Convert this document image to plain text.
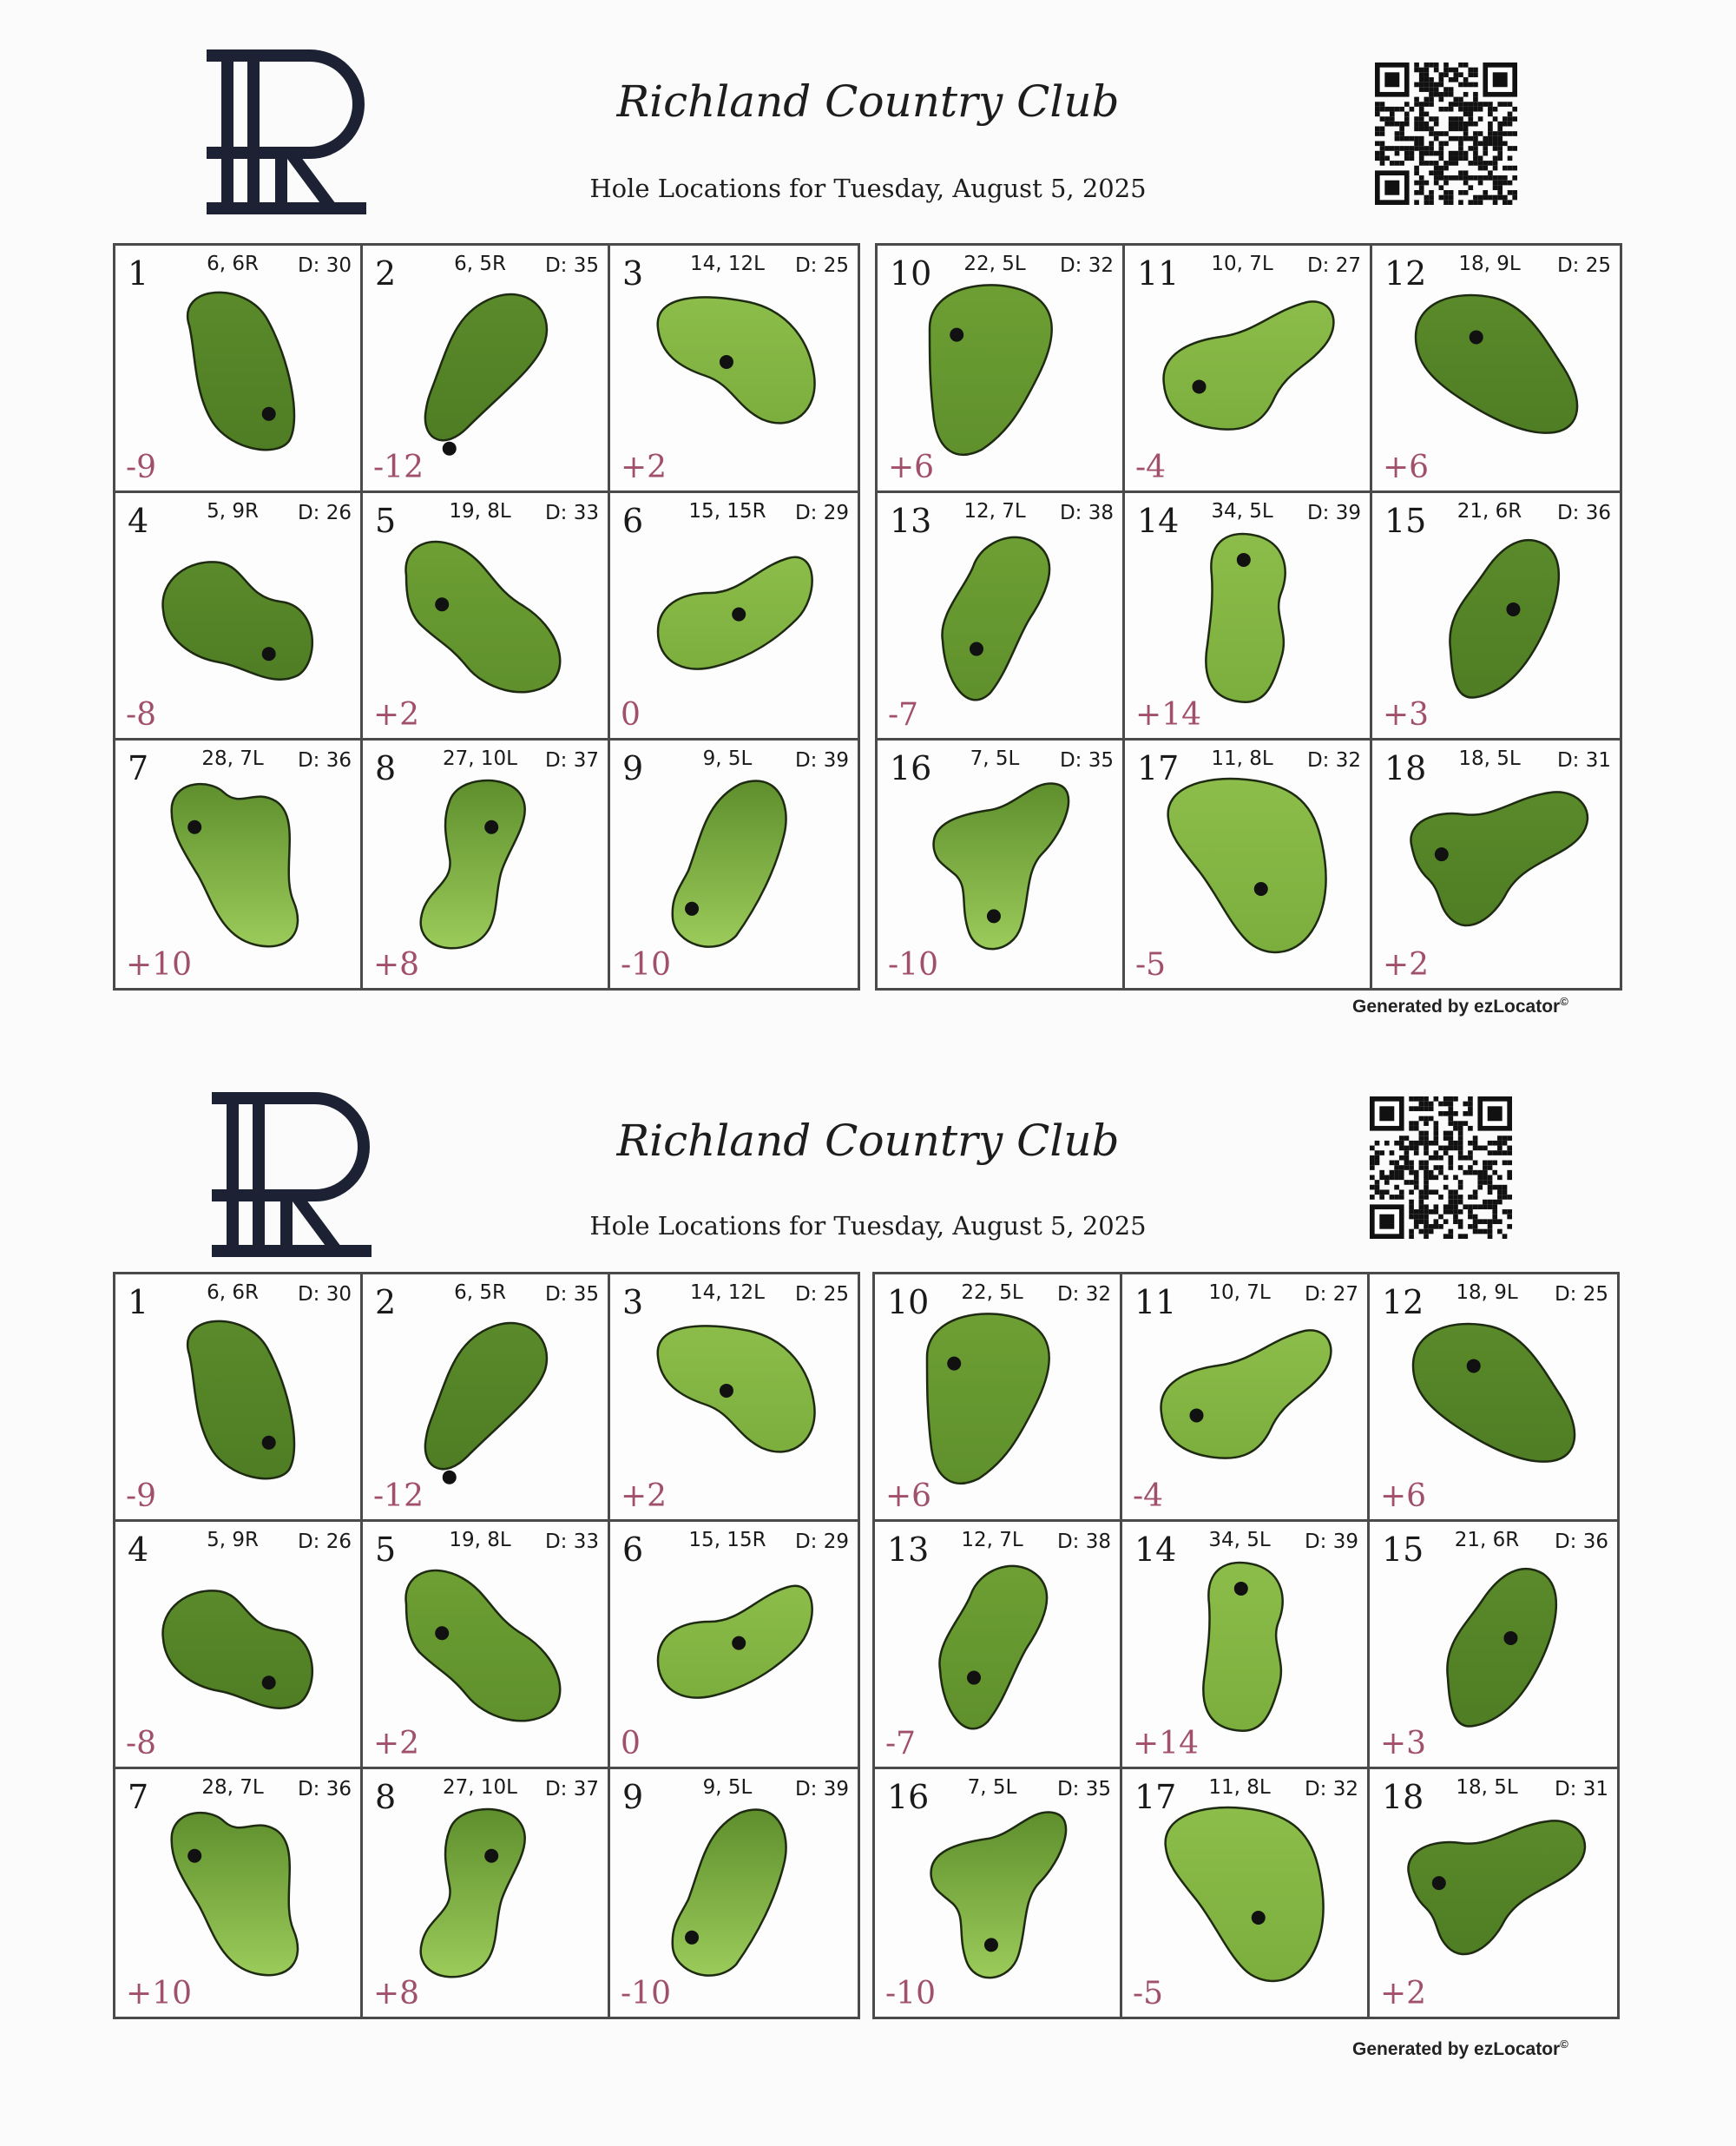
Richland Country Club
Hole Locations for Tuesday, August 5, 2025
1	6, 6R	D: 30
-9
2	6, 5R	D: 35
-12
3	14, 12L	D: 25
+2
4	5, 9R	D: 26
-8
5	19, 8L	D: 33
+2
6 15, 15R D: 29
0
7	28, 7L	D: 36
+10
8	27, 10L	D: 37
+8
9	9, 5L	D: 39
-10
10	22, 5L	D: 32
+6
11	10, 7L	D: 27
-4
12	18, 9L	D: 25
+6
13	12, 7L	D: 38
-7
14	34, 5L	D: 39
+14
15	21, 6R	D: 36
+3
16	7, 5L	D: 35
-10
17	11, 8L	D: 32
-5
18	18, 5L	D: 31
+2
Generated by ezLocator©
Richland Country Club
Hole Locations for Tuesday, August 5, 2025
1	6, 6R	D: 30
-9
2	6, 5R	D: 35
-12
3	14, 12L	D: 25
+2
4	5, 9R	D: 26
-8
5	19, 8L	D: 33
+2
6 15, 15R D: 29
0
7	28, 7L	D: 36
+10
8	27, 10L	D: 37
+8
9	9, 5L	D: 39
-10
10	22, 5L	D: 32
+6
11	10, 7L	D: 27
-4
12	18, 9L	D: 25
+6
13	12, 7L	D: 38
-7
14	34, 5L	D: 39
+14
15	21, 6R	D: 36
+3
16	7, 5L	D: 35
-10
17	11, 8L	D: 32
-5
18	18, 5L	D: 31
+2
Generated by ezLocator©
